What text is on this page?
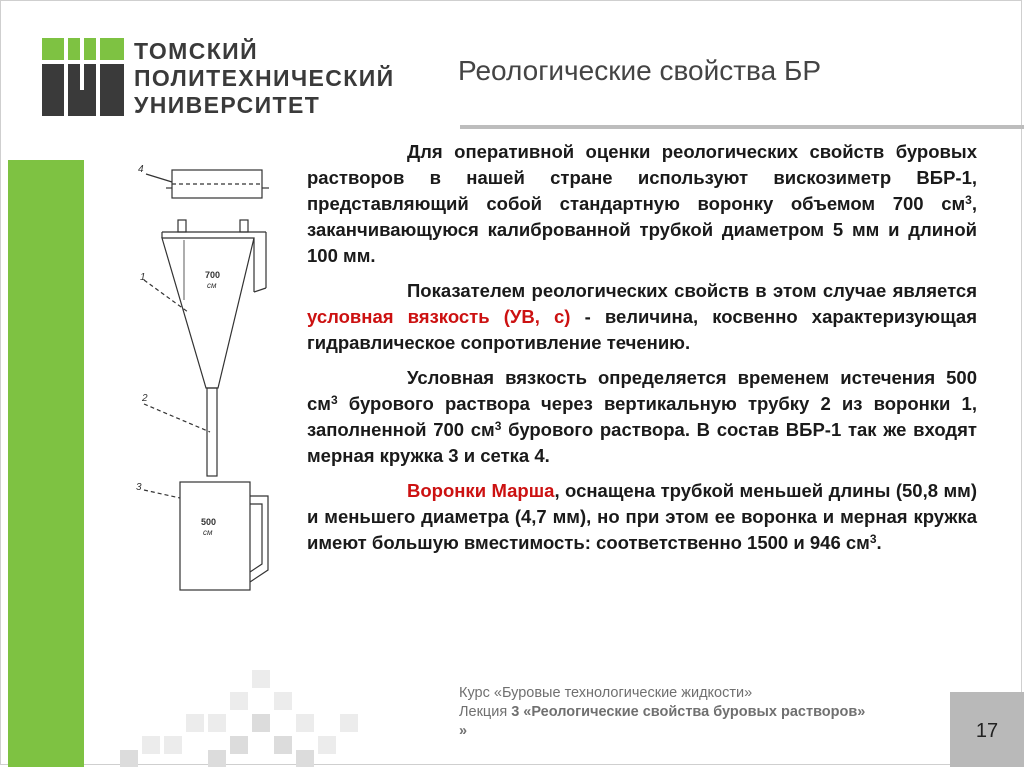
ТОМСКИЙ
ПОЛИТЕХНИЧЕСКИЙ
УНИВЕРСИТЕТ
Реологические свойства БР
4
1
2
3
700
см
500
см

Для оперативной оценки реологических свойств буровых растворов в нашей стране используют вискозиметр ВБР-1, представляющий собой стандартную воронку объемом 700 $см^3$, заканчивающуюся калиброванной трубкой диаметром 5 мм и длиной 100 мм.

Показателем реологических свойств в этом случае является условная вязкость (УВ, с) - величина, косвенно характеризующая гидравлическое сопротивление течению.

Условная вязкость определяется временем истечения 500 $см^3$ бурового раствора через вертикальную трубку 2 из воронки 1, заполненной 700 $см^3$ бурового раствора. В состав ВБР-1 так же входят мерная кружка 3 и сетка 4.

Воронки Марша, оснащена трубкой меньшей длины (50,8 мм) и меньшего диаметра (4,7 мм), но при этом ее воронка и мерная кружка имеют большую вместимость: соответственно 1500 и 946 $см^3$.

Курс «Буровые технологические жидкости»
Лекция 3 «Реологические свойства буровых растворов»
»	17
